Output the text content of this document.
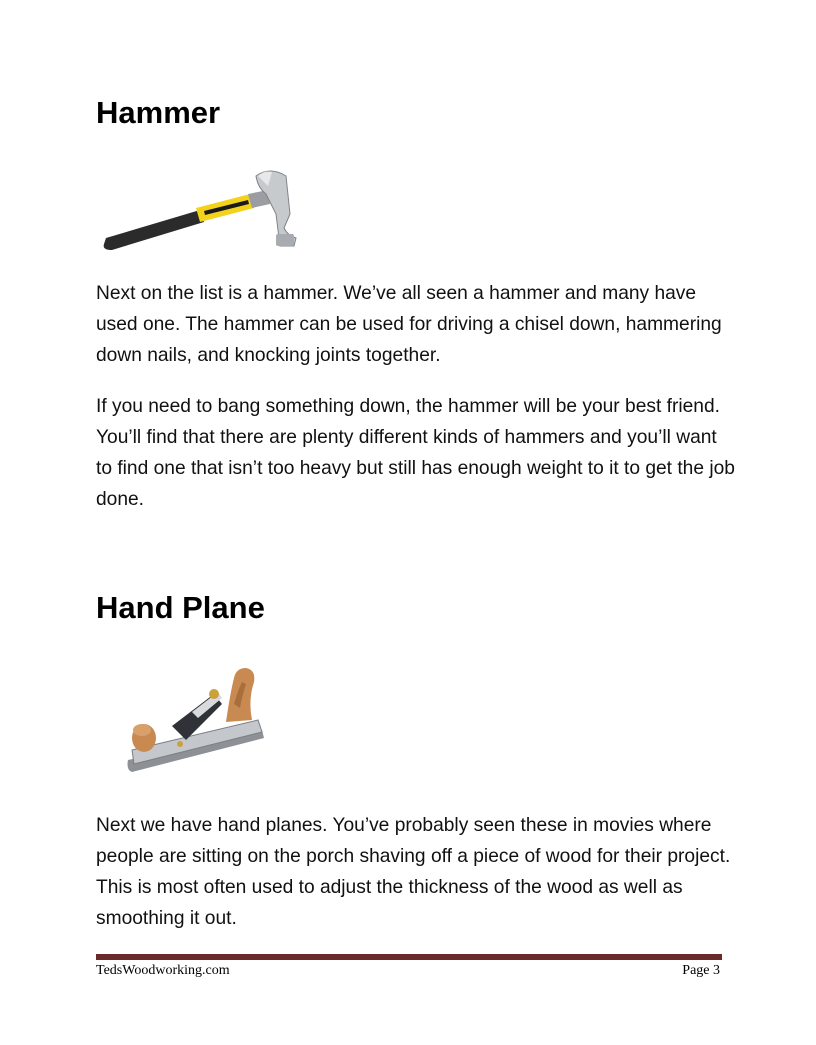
Hammer

Next on the list is a hammer. We’ve all seen a hammer and many have used one. The hammer can be used for driving a chisel down, hammering down nails, and knocking joints together.

If you need to bang something down, the hammer will be your best friend. You’ll find that there are plenty different kinds of hammers and you’ll want to find one that isn’t too heavy but still has enough weight to it to get the job done.

Hand Plane

Next we have hand planes. You’ve probably seen these in movies where people are sitting on the porch shaving off a piece of wood for their project. This is most often used to adjust the thickness of the wood as well as smoothing it out.

TedsWoodworking.com	Page 3
